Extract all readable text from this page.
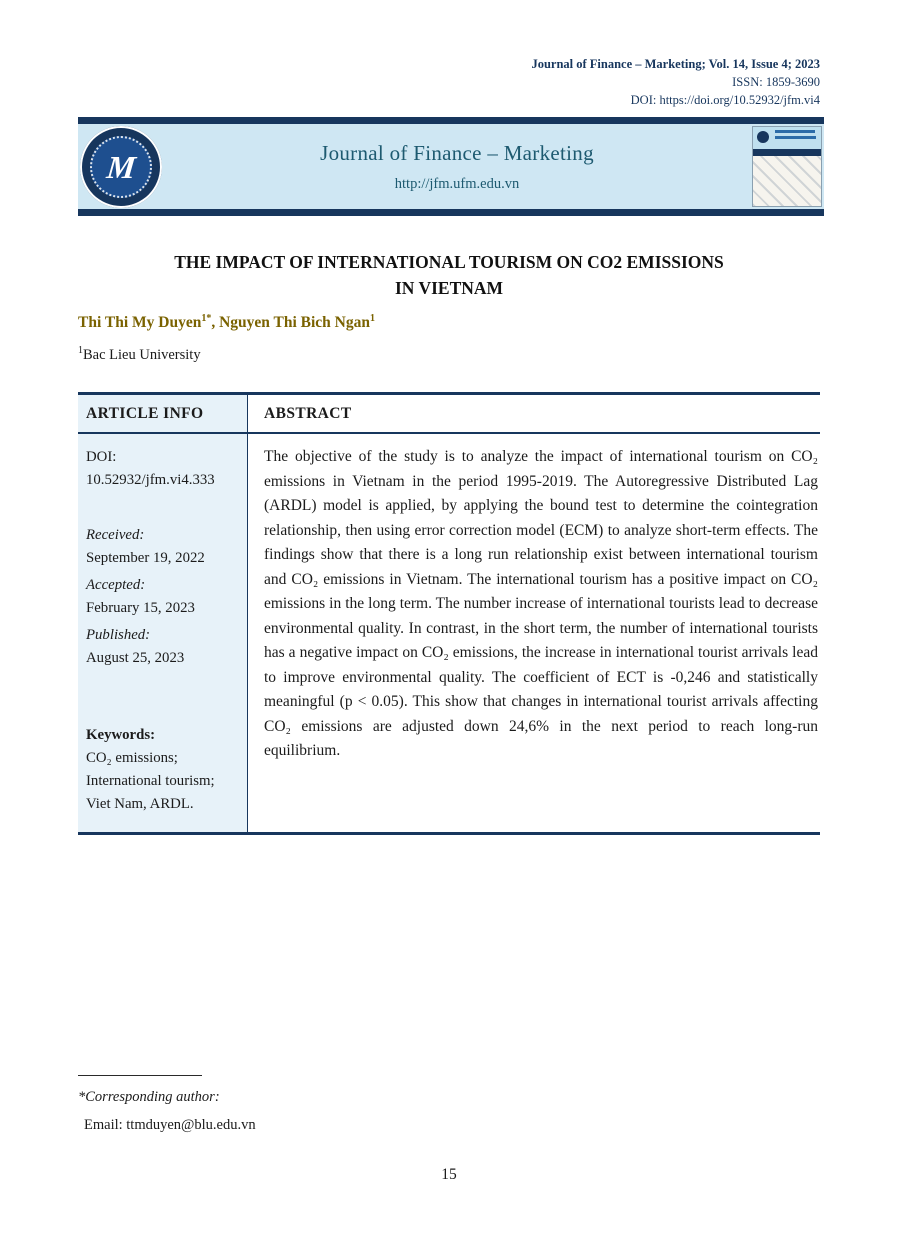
Journal of Finance – Marketing; Vol. 14, Issue 4; 2023
ISSN: 1859-3690
DOI: https://doi.org/10.52932/jfm.vi4
M	Journal of Finance – Marketing
http://jfm.ufm.edu.vn
THE IMPACT OF INTERNATIONAL TOURISM ON CO2 EMISSIONS
IN VIETNAM
Thi Thi My Duyen$^{1*}$, Nguyen Thi Bich Ngan$^1$
$^1$Bac Lieu University
ARTICLE INFO	ABSTRACT
DOI:
10.52932/jfm.vi4.333
Received:
September 19, 2022
Accepted:
February 15, 2023
Published:
August 25, 2023
Keywords:
CO₂ emissions; International tourism; Viet Nam, ARDL.
The objective of the study is to analyze the impact of international tourism on CO₂ emissions in Vietnam in the period 1995-2019. The Autoregressive Distributed Lag (ARDL) model is applied, by applying the bound test to determine the cointegration relationship, then using error correction model (ECM) to analyze short-term effects. The findings show that there is a long run relationship exist between international tourism and CO₂ emissions in Vietnam. The international tourism has a positive impact on CO₂ emissions in the long term. The number increase of international tourists lead to decrease environmental quality. In contrast, in the short term, the number of international tourists has a negative impact on CO₂ emissions, the increase in international tourist arrivals lead to improve environmental quality. The coefficient of ECT is -0,246 and statistically meaningful (p < 0.05). This show that changes in international tourist arrivals affecting CO₂ emissions are adjusted down 24,6% in the next period to reach long-run equilibrium.
*Corresponding author:
Email: ttmduyen@blu.edu.vn
15
